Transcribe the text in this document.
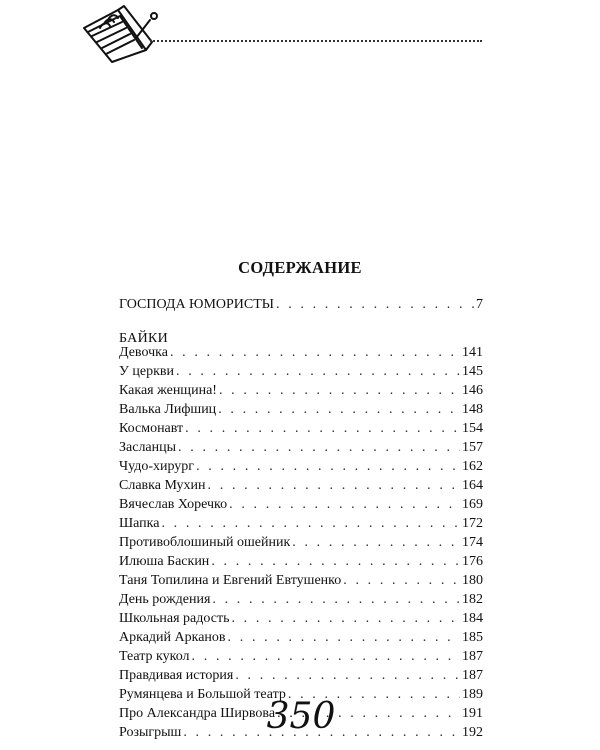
СОДЕРЖАНИЕ
ГОСПОДА ЮМОРИСТЫ . . .	7
БАЙКИ
Девочка . . .	141
У церкви . . .	145
Какая женщина! . . .	146
Валька Лифшиц . . .	148
Космонавт . . .	154
Засланцы . . .	157
Чудо-хирург . . .	162
Славка Мухин . . .	164
Вячеслав Хоречко . . .	169
Шапка . . .	172
Противоблошиный ошейник . . .	174
Илюша Баскин . . .	176
Таня Топилина и Евгений Евтушенко . . .	180
День рождения . . .	182
Школьная радость . . .	184
Аркадий Арканов . . .	185
Театр кукол . . .	187
Правдивая история . . .	187
Румянцева и Большой театр . . .	189
Про Александра Ширвова . . .	191
Розыгрыш . . .	192
350
